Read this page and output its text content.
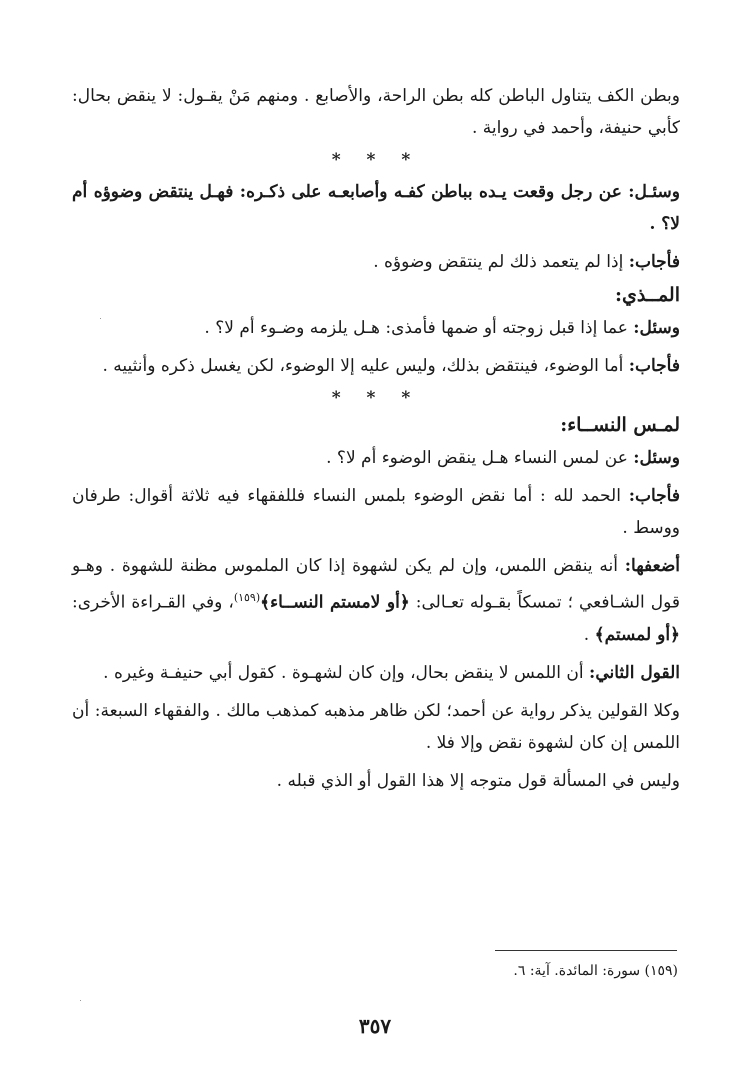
وبطن الكف يتناول الباطن كله بطن الراحة، والأصابع . ومنهم مَنْ يقـول: لا ينقض بحال: كأبي حنيفة، وأحمد في رواية .

* * *

وسئـل: عن رجل وقعت يـده بباطن كفـه وأصابعـه على ذكـره: فهـل ينتقض وضوؤه أم لا؟ .

فأجاب: إذا لم يتعمد ذلك لم ينتقض وضوؤه .

المــذي:

وسئل: عما إذا قبل زوجته أو ضمها فأمذى: هـل يلزمه وضـوء أم لا؟ .

فأجاب: أما الوضوء، فينتقض بذلك، وليس عليه إلا الوضوء، لكن يغسل ذكره وأنثييه .

* * *
لمـس النســاء:

وسئل: عن لمس النساء هـل ينقض الوضوء أم لا؟ .

فأجاب: الحمد لله : أما نقض الوضوء بلمس النساء فللفقهاء فيه ثلاثة أقوال: طرفان ووسط .

أضعفها: أنه ينقض اللمس، وإن لم يكن لشهوة إذا كان الملموس مظنة للشهوة . وهـو قول الشـافعي ؛ تمسكاً بقـوله تعـالى: ﴿أو لامستم النســاء﴾$^{(١٥٩)}$، وفي القـراءة الأخرى: ﴿أو لمستم﴾ .

القول الثاني: أن اللمس لا ينقض بحال، وإن كان لشهـوة . كقول أبي حنيفـة وغيره .

وكلا القولين يذكر رواية عن أحمد؛ لكن ظاهر مذهبه كمذهب مالك . والفقهاء السبعة: أن اللمس إن كان لشهوة نقض وإلا فلا .

وليس في المسألة قول متوجه إلا هذا القول أو الذي قبله .

(١٥٩) سورة: المائدة. آية: ٦.
٣٥٧
